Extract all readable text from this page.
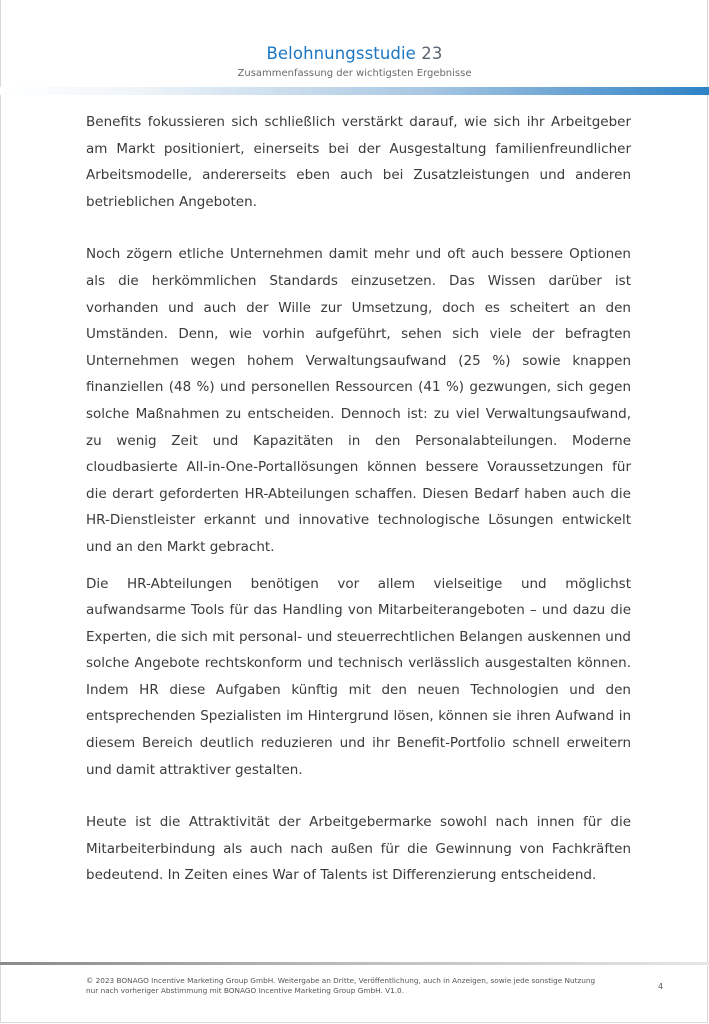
Belohnungsstudie 23
Zusammenfassung der wichtigsten Ergebnisse

Benefits fokussieren sich schließlich verstärkt darauf, wie sich ihr Arbeitgeber am Markt positioniert, einerseits bei der Ausgestaltung familienfreundlicher Arbeitsmodelle, andererseits eben auch bei Zusatzleistungen und anderen betrieblichen Angeboten.

Noch zögern etliche Unternehmen damit mehr und oft auch bessere Optionen als die herkömmlichen Standards einzusetzen. Das Wissen darüber ist vorhanden und auch der Wille zur Umsetzung, doch es scheitert an den Umständen. Denn, wie vorhin aufgeführt, sehen sich viele der befragten Unternehmen wegen hohem Verwaltungsaufwand (25 %) sowie knappen finanziellen (48 %) und personellen Ressourcen (41 %) gezwungen, sich gegen solche Maßnahmen zu entscheiden. Dennoch ist: zu viel Verwaltungsaufwand, zu wenig Zeit und Kapazitäten in den Personalabteilungen. Moderne cloudbasierte All-in-One-Portallösungen können bessere Voraussetzungen für die derart geforderten HR-Abteilungen schaffen. Diesen Bedarf haben auch die HR-Dienstleister erkannt und innovative technologische Lösungen entwickelt und an den Markt gebracht.

Die HR-Abteilungen benötigen vor allem vielseitige und möglichst aufwandsarme Tools für das Handling von Mitarbeiterangeboten – und dazu die Experten, die sich mit personal- und steuerrechtlichen Belangen auskennen und solche Angebote rechtskonform und technisch verlässlich ausgestalten können. Indem HR diese Aufgaben künftig mit den neuen Technologien und den entsprechenden Spezialisten im Hintergrund lösen, können sie ihren Aufwand in diesem Bereich deutlich reduzieren und ihr Benefit-Portfolio schnell erweitern und damit attraktiver gestalten.

Heute ist die Attraktivität der Arbeitgebermarke sowohl nach innen für die Mitarbeiterbindung als auch nach außen für die Gewinnung von Fachkräften bedeutend. In Zeiten eines War of Talents ist Differenzierung entscheidend.

© 2023 BONAGO Incentive Marketing Group GmbH. Weitergabe an Dritte, Veröffentlichung, auch in Anzeigen, sowie jede sonstige Nutzung nur nach vorheriger Abstimmung mit BONAGO Incentive Marketing Group GmbH. V1.0.	4
